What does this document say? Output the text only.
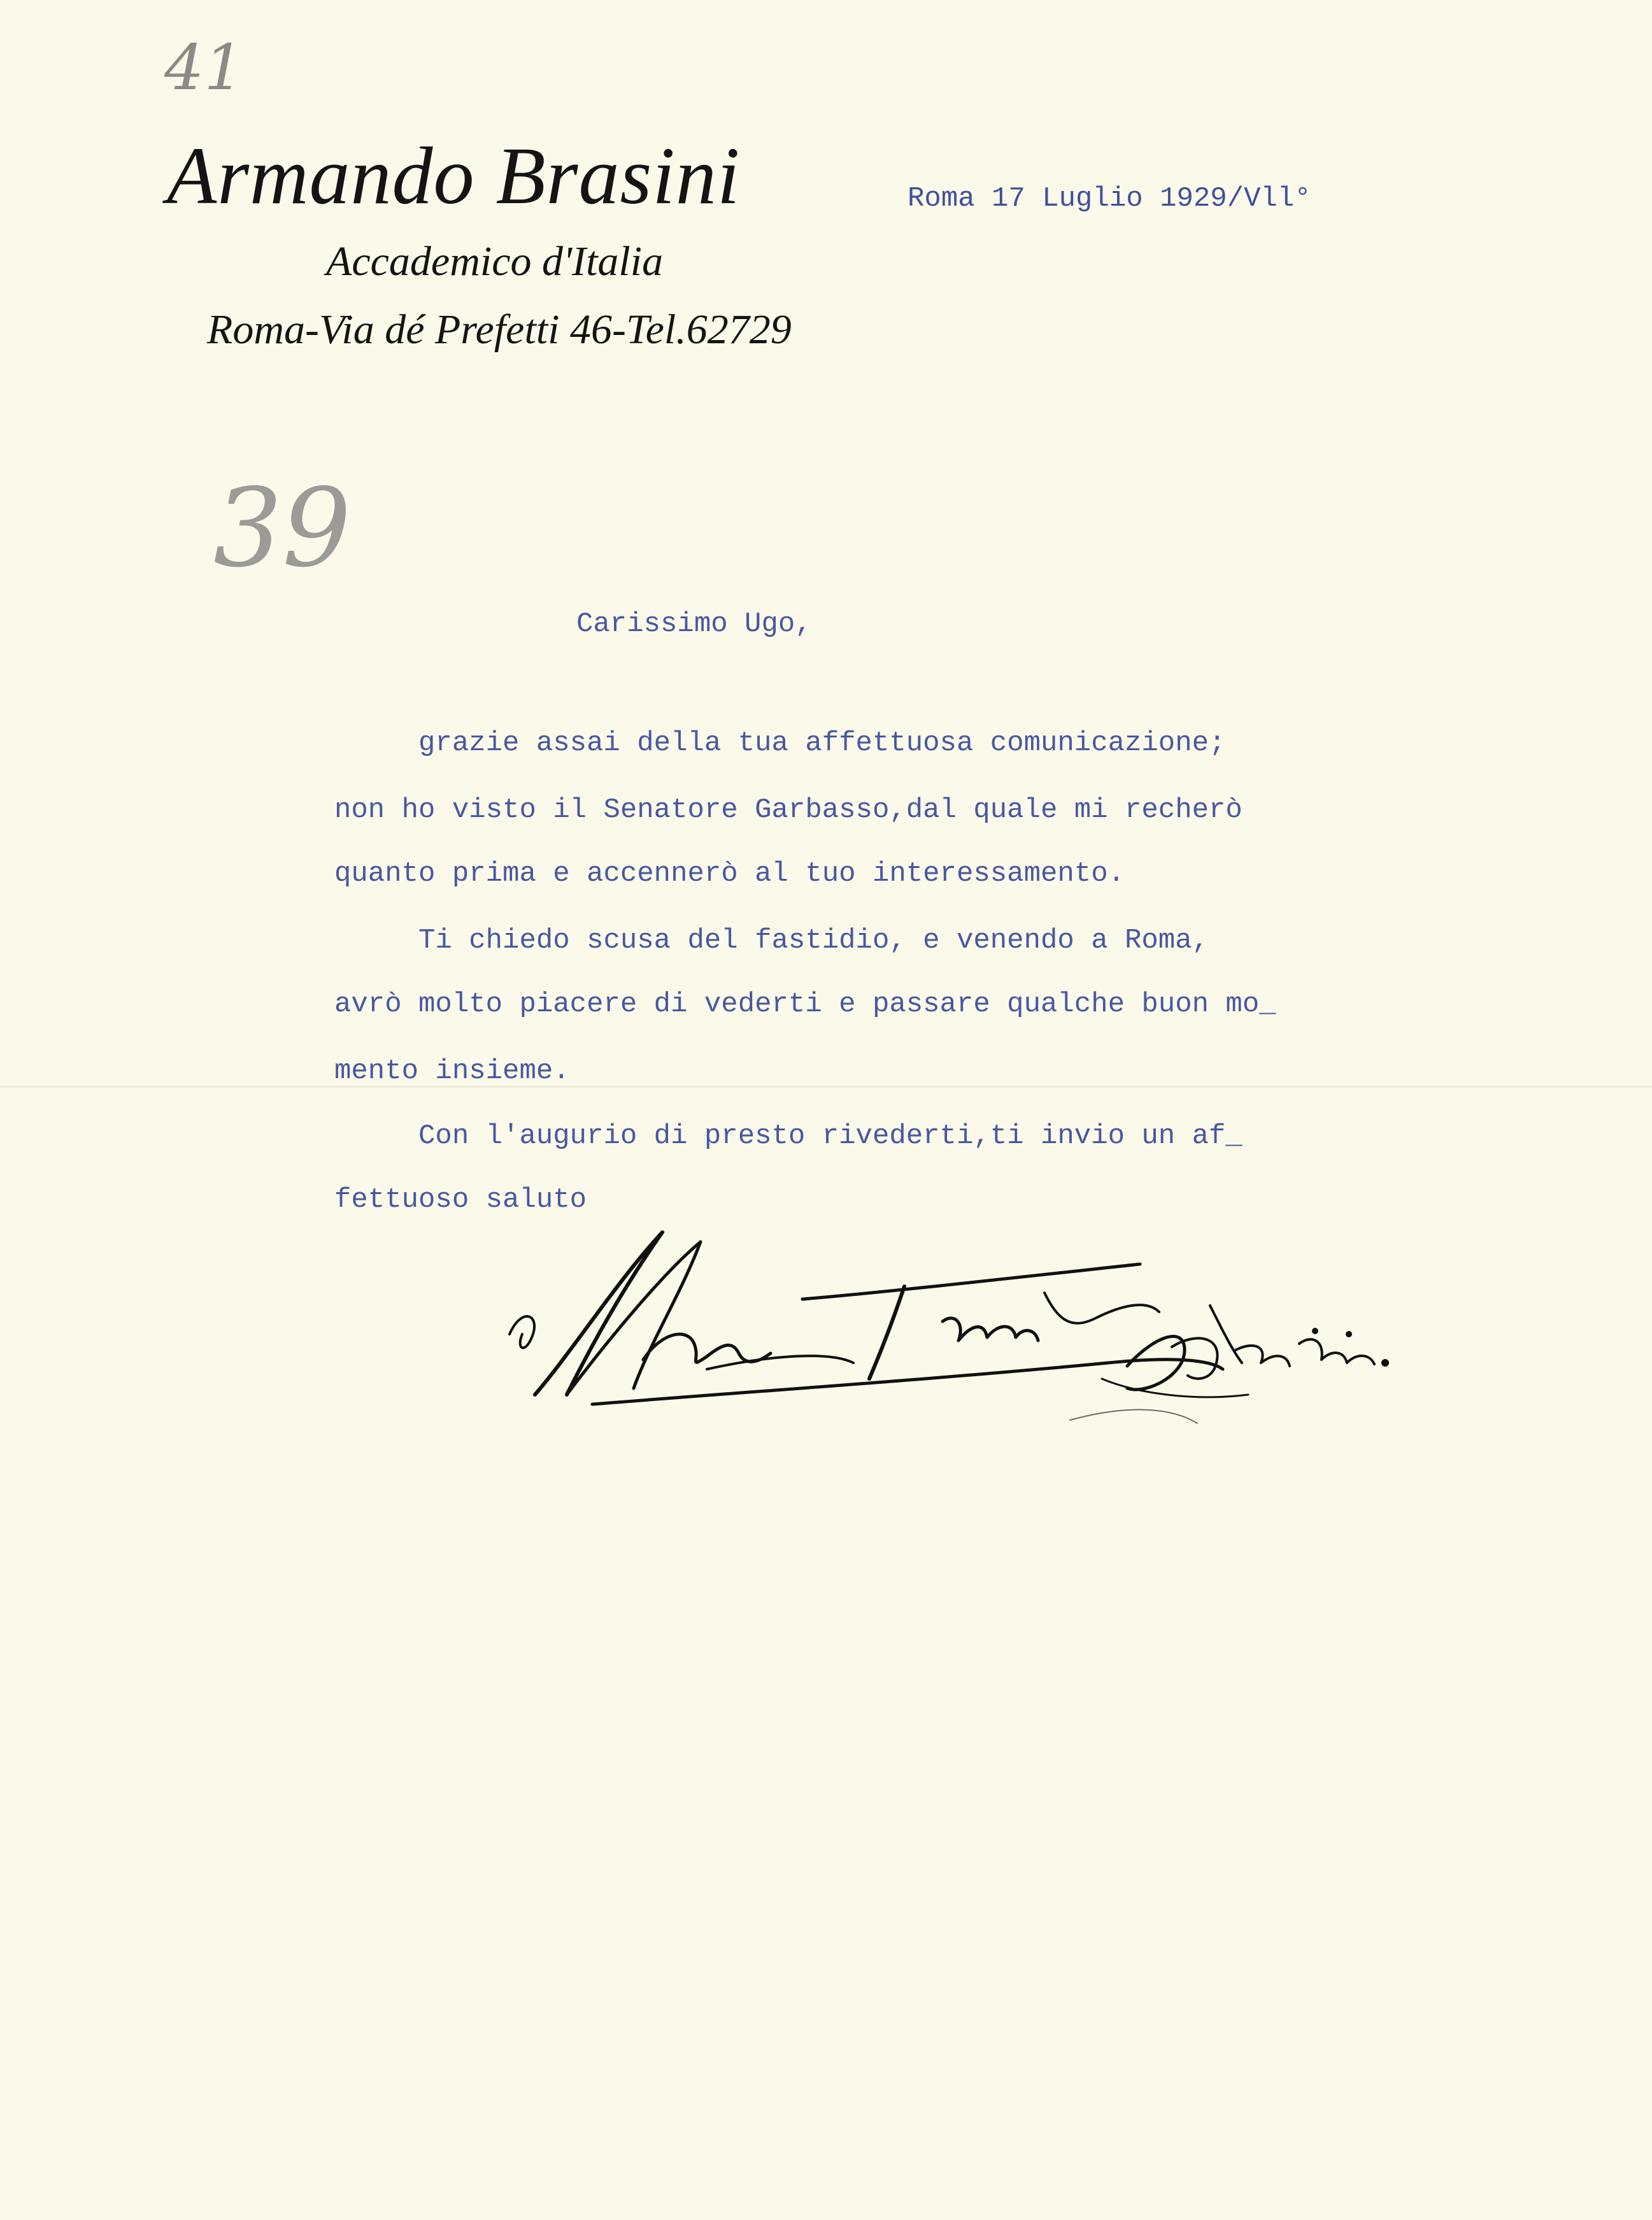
41

39

Armando Brasini

Accademico d'Italia

Roma-Via dé Prefetti 46-Tel.62729

Roma 17 Luglio 1929/Vll°

Carissimo Ugo,

grazie assai della tua affettuosa comunicazione;

non ho visto il Senatore Garbasso,dal quale mi recherò

quanto prima e accennerò al tuo interessamento.

Ti chiedo scusa del fastidio, e venendo a Roma,

avrò molto piacere di vederti e passare qualche buon mo_

mento insieme.

Con l'augurio di presto rivederti,ti invio un af_

fettuoso saluto
